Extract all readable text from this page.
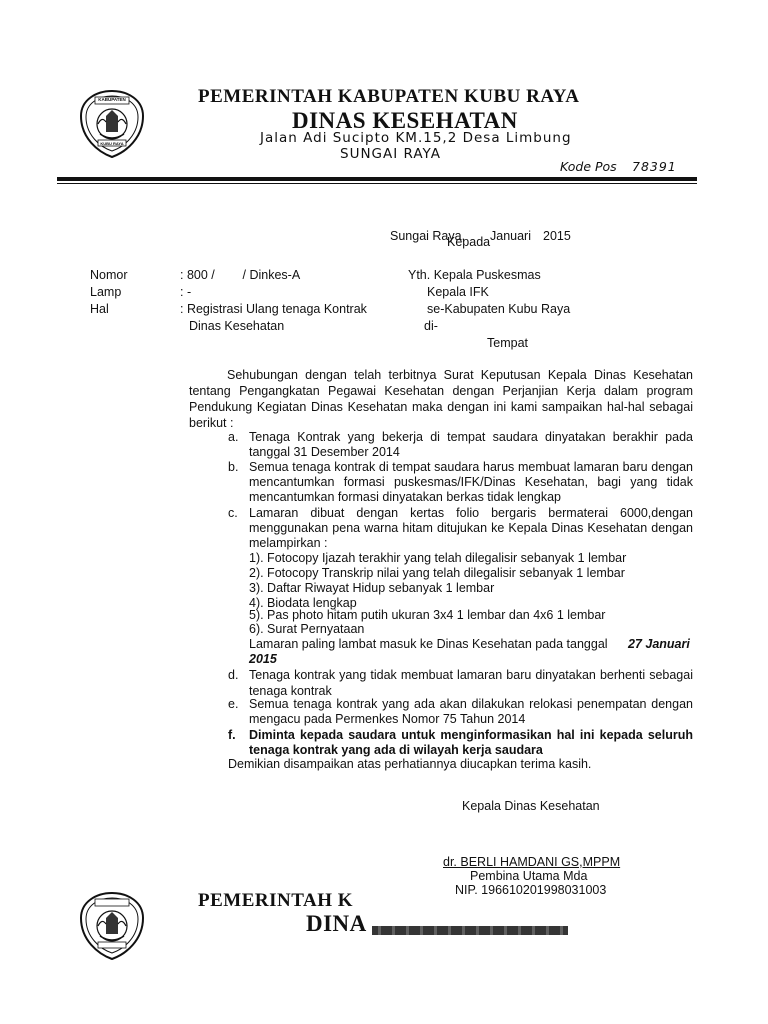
KABUPATEN
KUBU RAYA
PEMERINTAH KABUPATEN KUBU RAYA
DINAS KESEHATAN
Jalan Adi Sucipto KM.15,2 Desa Limbung
SUNGAI RAYA
Kode Pos 78391
Sungai Raya, Januari 2015
Kepada
Nomor	: 800 /        / Dinkes-A	Yth. Kepala Puskesmas
Lamp	: -	Kepala IFK
Hal	: Registrasi Ulang tenaga Kontrak	se-Kabupaten Kubu Raya
Dinas Kesehatan	di-
Tempat
Sehubungan dengan telah terbitnya Surat Keputusan Kepala Dinas Kesehatan
tentang Pengangkatan Pegawai Kesehatan dengan Perjanjian Kerja dalam program
Pendukung Kegiatan Dinas Kesehatan maka dengan ini kami sampaikan hal-hal sebagai
berikut :
a. Tenaga Kontrak yang bekerja di tempat saudara dinyatakan berakhir pada
tanggal 31 Desember 2014
b. Semua tenaga kontrak di tempat saudara harus membuat lamaran baru dengan
mencantumkan formasi puskesmas/IFK/Dinas Kesehatan, bagi yang tidak
mencantumkan formasi dinyatakan berkas tidak lengkap
c. Lamaran dibuat dengan kertas folio bergaris bermaterai 6000,dengan
menggunakan pena warna hitam ditujukan ke Kepala Dinas Kesehatan dengan
melampirkan :
1). Fotocopy Ijazah terakhir yang telah dilegalisir sebanyak 1 lembar
2). Fotocopy Transkrip nilai yang telah dilegalisir sebanyak 1 lembar
3). Daftar Riwayat Hidup sebanyak 1 lembar
4). Biodata lengkap
5). Pas photo hitam putih ukuran 3x4 1 lembar dan 4x6 1 lembar
6). Surat Pernyataan
Lamaran paling lambat masuk ke Dinas Kesehatan pada tanggal	27 Januari
2015
d. Tenaga kontrak yang tidak membuat lamaran baru dinyatakan berhenti sebagai
tenaga kontrak
e. Semua tenaga kontrak yang ada akan dilakukan relokasi penempatan dengan
mengacu pada Permenkes Nomor 75 Tahun 2014
f. Diminta kepada saudara untuk menginformasikan hal ini kepada seluruh
tenaga kontrak yang ada di wilayah kerja saudara
Demikian disampaikan atas perhatiannya diucapkan terima kasih.
Kepala Dinas Kesehatan
dr. BERLI HAMDANI GS,MPPM
Pembina Utama Mda
NIP. 196610201998031003
PEMERINTAH K
DINA
